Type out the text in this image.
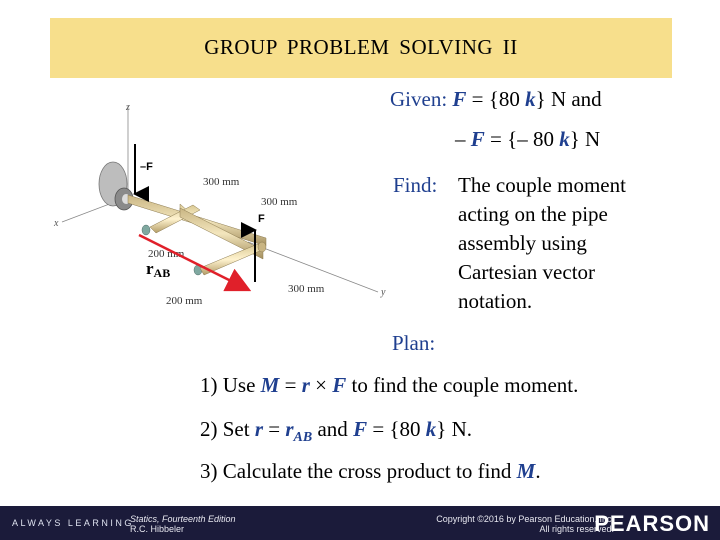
GROUP PROBLEM SOLVING II
Given: F = {80 k} N and
– F = {– 80 k} N
Find: The couple moment
acting on the pipe
assembly using
Cartesian vector
notation.
Plan:
1) Use M = r × F to find the couple moment.
2) Set $r = r_{AB}$ and F = {80 k} N.
3) Calculate the cross product to find M.
z
x
y
–F
F
300 mm
300 mm
300 mm
200 mm
200 mm
rAB
ALWAYS LEARNING
Statics, Fourteenth Edition
R.C. Hibbeler
Copyright ©2016 by Pearson Education, Inc.
All rights reserved.
PEARSON
